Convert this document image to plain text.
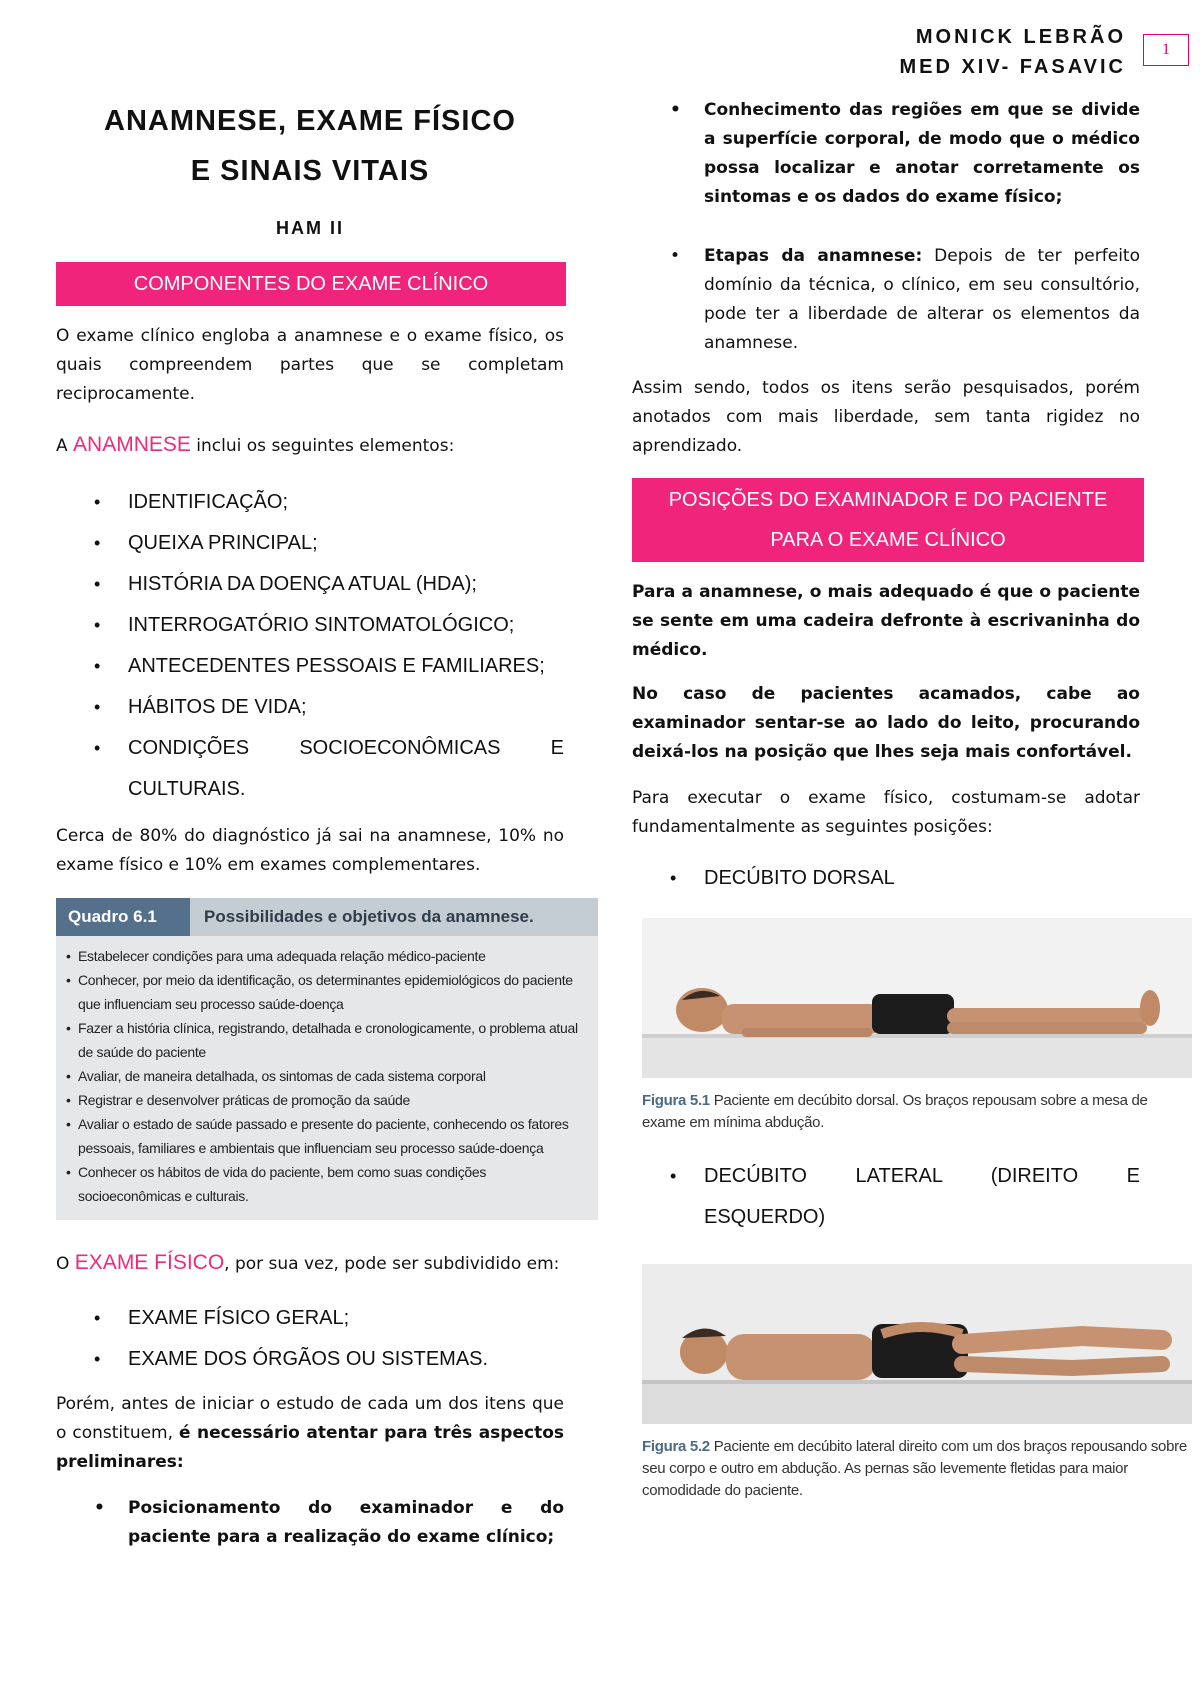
MONICK LEBRÃO
MED XIV- FASAVIC
1
ANAMNESE, EXAME FÍSICO
E SINAIS VITAIS
HAM II
COMPONENTES DO EXAME CLÍNICO

O exame clínico engloba a anamnese e o exame físico, os quais compreendem partes que se completam reciprocamente.

A ANAMNESE inclui os seguintes elementos:

• IDENTIFICAÇÃO;
• QUEIXA PRINCIPAL;
• HISTÓRIA DA DOENÇA ATUAL (HDA);
• INTERROGATÓRIO SINTOMATOLÓGICO;
• ANTECEDENTES PESSOAIS E FAMILIARES;
• HÁBITOS DE VIDA;
• CONDIÇÕES SOCIOECONÔMICAS E CULTURAIS.

Cerca de 80% do diagnóstico já sai na anamnese, 10% no exame físico e 10% em exames complementares.

Quadro 6.1	Possibilidades e objetivos da anamnese.
• Estabelecer condições para uma adequada relação médico-paciente
• Conhecer, por meio da identificação, os determinantes epidemiológicos do paciente que influenciam seu processo saúde-doença
• Fazer a história clínica, registrando, detalhada e cronologicamente, o problema atual de saúde do paciente
• Avaliar, de maneira detalhada, os sintomas de cada sistema corporal
• Registrar e desenvolver práticas de promoção da saúde
• Avaliar o estado de saúde passado e presente do paciente, conhecendo os fatores pessoais, familiares e ambientais que influenciam seu processo saúde-doença
• Conhecer os hábitos de vida do paciente, bem como suas condições socioeconômicas e culturais.

O EXAME FÍSICO, por sua vez, pode ser subdividido em:

• EXAME FÍSICO GERAL;
• EXAME DOS ÓRGÃOS OU SISTEMAS.

Porém, antes de iniciar o estudo de cada um dos itens que o constituem, é necessário atentar para três aspectos preliminares:

• Posicionamento do examinador e do paciente para a realização do exame clínico;
• Conhecimento das regiões em que se divide a superfície corporal, de modo que o médico possa localizar e anotar corretamente os sintomas e os dados do exame físico;
• Etapas da anamnese: Depois de ter perfeito domínio da técnica, o clínico, em seu consultório, pode ter a liberdade de alterar os elementos da anamnese.

Assim sendo, todos os itens serão pesquisados, porém anotados com mais liberdade, sem tanta rigidez no aprendizado.

POSIÇÕES DO EXAMINADOR E DO PACIENTE
PARA O EXAME CLÍNICO

Para a anamnese, o mais adequado é que o paciente se sente em uma cadeira defronte à escrivaninha do médico.

No caso de pacientes acamados, cabe ao examinador sentar-se ao lado do leito, procurando deixá-los na posição que lhes seja mais confortável.

Para executar o exame físico, costumam-se adotar fundamentalmente as seguintes posições:

• DECÚBITO DORSAL
Figura 5.1 Paciente em decúbito dorsal. Os braços repousam sobre a mesa de exame em mínima abdução.
• DECÚBITO LATERAL (DIREITO E ESQUERDO)
Figura 5.2 Paciente em decúbito lateral direito com um dos braços repousando sobre seu corpo e outro em abdução. As pernas são levemente fletidas para maior comodidade do paciente.
